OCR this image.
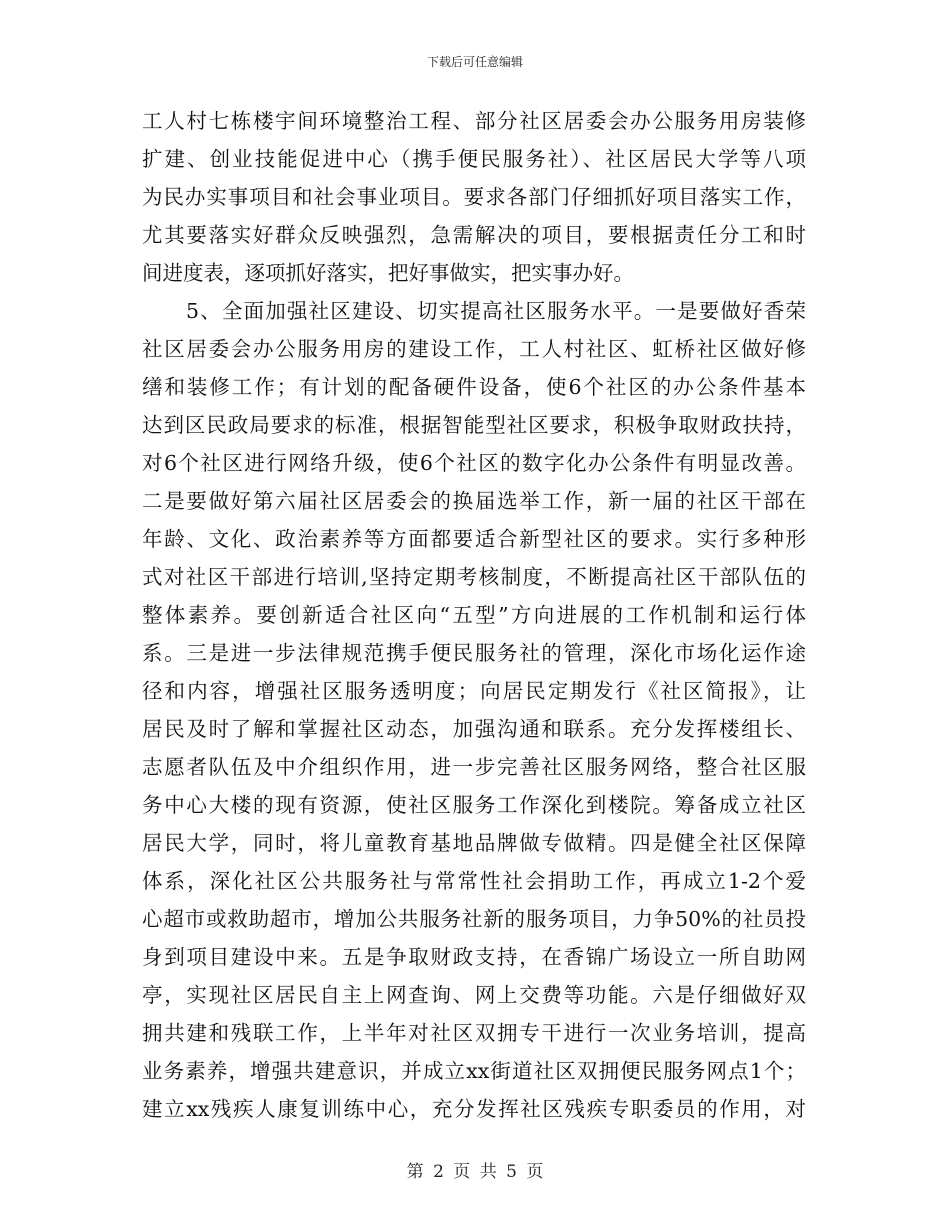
下载后可任意编辑
工人村七栋楼宇间环境整治工程、部分社区居委会办公服务用房装修
扩建、创业技能促进中心（携手便民服务社）、社区居民大学等八项
为民办实事项目和社会事业项目。要求各部门仔细抓好项目落实工作，
尤其要落实好群众反映强烈，急需解决的项目，要根据责任分工和时
间进度表，逐项抓好落实，把好事做实，把实事办好。
5、全面加强社区建设、切实提高社区服务水平。一是要做好香荣
社区居委会办公服务用房的建设工作，工人村社区、虹桥社区做好修
缮和装修工作；有计划的配备硬件设备，使6个社区的办公条件基本
达到区民政局要求的标准，根据智能型社区要求，积极争取财政扶持，
对6个社区进行网络升级，使6个社区的数字化办公条件有明显改善。
二是要做好第六届社区居委会的换届选举工作，新一届的社区干部在
年龄、文化、政治素养等方面都要适合新型社区的要求。实行多种形
式对社区干部进行培训,坚持定期考核制度，不断提高社区干部队伍的
整体素养。要创新适合社区向“五型”方向进展的工作机制和运行体
系。三是进一步法律规范携手便民服务社的管理，深化市场化运作途
径和内容，增强社区服务透明度；向居民定期发行《社区简报》，让
居民及时了解和掌握社区动态，加强沟通和联系。充分发挥楼组长、
志愿者队伍及中介组织作用，进一步完善社区服务网络，整合社区服
务中心大楼的现有资源，使社区服务工作深化到楼院。筹备成立社区
居民大学，同时，将儿童教育基地品牌做专做精。四是健全社区保障
体系，深化社区公共服务社与常常性社会捐助工作，再成立1-2个爱
心超市或救助超市，增加公共服务社新的服务项目，力争50%的社员投
身到项目建设中来。五是争取财政支持，在香锦广场设立一所自助网
亭，实现社区居民自主上网查询、网上交费等功能。六是仔细做好双
拥共建和残联工作，上半年对社区双拥专干进行一次业务培训，提高
业务素养，增强共建意识，并成立xx街道社区双拥便民服务网点1个；
建立xx残疾人康复训练中心，充分发挥社区残疾专职委员的作用，对
第 2 页 共 5 页
